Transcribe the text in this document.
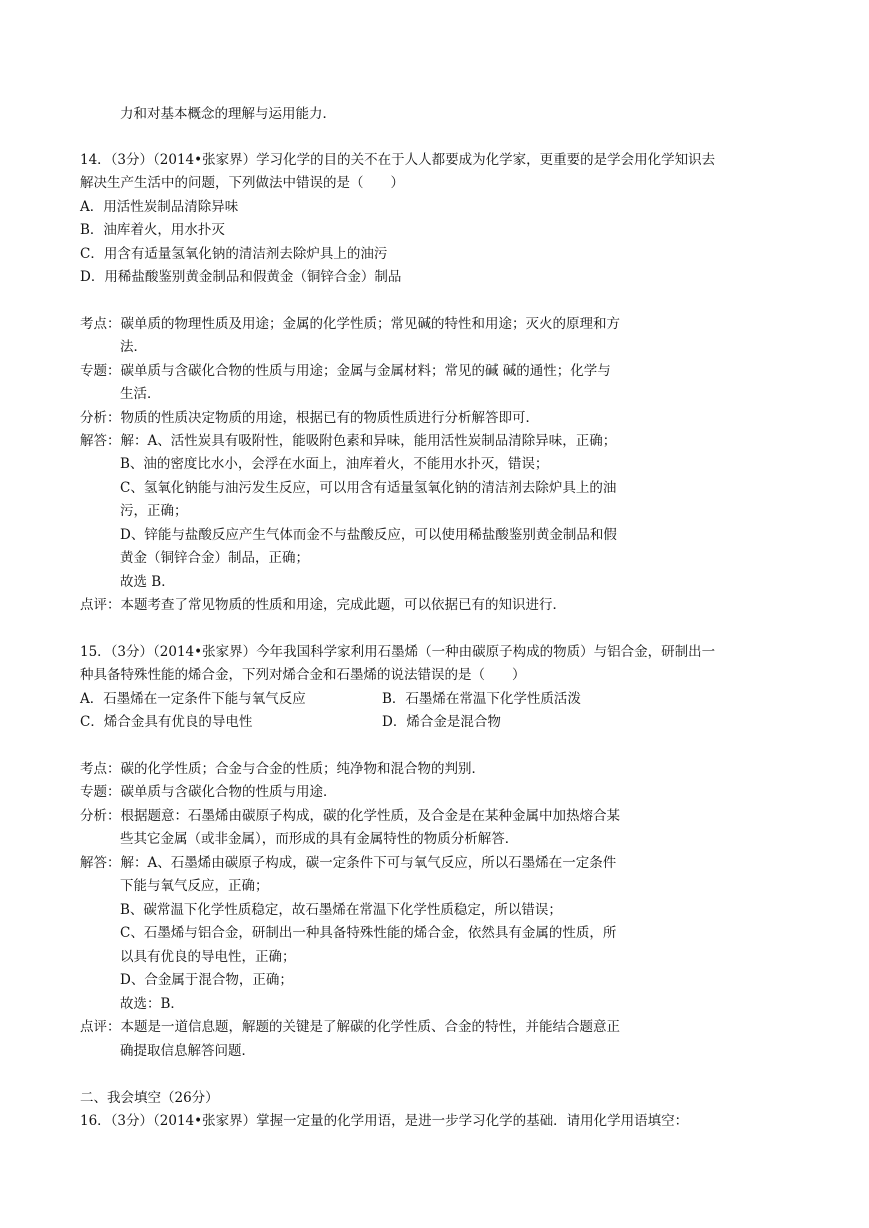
力和对基本概念的理解与运用能力．
14．（3分）（2014•张家界）学习化学的目的关不在于人人都要成为化学家，更重要的是学会用化学知识去
解决生产生活中的问题，下列做法中错误的是（　　）
A．用活性炭制品清除异味
B．油库着火，用水扑灭
C．用含有适量氢氧化钠的清洁剂去除炉具上的油污
D．用稀盐酸鉴别黄金制品和假黄金（铜锌合金）制品
考点：碳单质的物理性质及用途；金属的化学性质；常见碱的特性和用途；灭火的原理和方
法．
专题：碳单质与含碳化合物的性质与用途；金属与金属材料；常见的碱 碱的通性；化学与
生活．
分析：物质的性质决定物质的用途，根据已有的物质性质进行分析解答即可．
解答：解：A、活性炭具有吸附性，能吸附色素和异味，能用活性炭制品清除异味，正确；
B、油的密度比水小，会浮在水面上，油库着火，不能用水扑灭，错误；
C、氢氧化钠能与油污发生反应，可以用含有适量氢氧化钠的清洁剂去除炉具上的油
污，正确；
D、锌能与盐酸反应产生气体而金不与盐酸反应，可以使用稀盐酸鉴别黄金制品和假
黄金（铜锌合金）制品，正确；
故选 B．
点评：本题考查了常见物质的性质和用途，完成此题，可以依据已有的知识进行．
15．（3分）（2014•张家界）今年我国科学家利用石墨烯（一种由碳原子构成的物质）与铝合金，研制出一
种具备特殊性能的烯合金，下列对烯合金和石墨烯的说法错误的是（　　）
A．石墨烯在一定条件下能与氧气反应	B．石墨烯在常温下化学性质活泼
C．烯合金具有优良的导电性	D．烯合金是混合物
考点：碳的化学性质；合金与合金的性质；纯净物和混合物的判别．
专题：碳单质与含碳化合物的性质与用途．
分析：根据题意：石墨烯由碳原子构成，碳的化学性质，及合金是在某种金属中加热熔合某
些其它金属（或非金属），而形成的具有金属特性的物质分析解答．
解答：解：A、石墨烯由碳原子构成，碳一定条件下可与氧气反应，所以石墨烯在一定条件
下能与氧气反应，正确；
B、碳常温下化学性质稳定，故石墨烯在常温下化学性质稳定，所以错误；
C、石墨烯与铝合金，研制出一种具备特殊性能的烯合金，依然具有金属的性质，所
以具有优良的导电性，正确；
D、合金属于混合物，正确；
故选：B．
点评：本题是一道信息题，解题的关键是了解碳的化学性质、合金的特性，并能结合题意正
确提取信息解答问题．
二、我会填空（26分）
16．（3分）（2014•张家界）掌握一定量的化学用语，是进一步学习化学的基础．请用化学用语填空：
